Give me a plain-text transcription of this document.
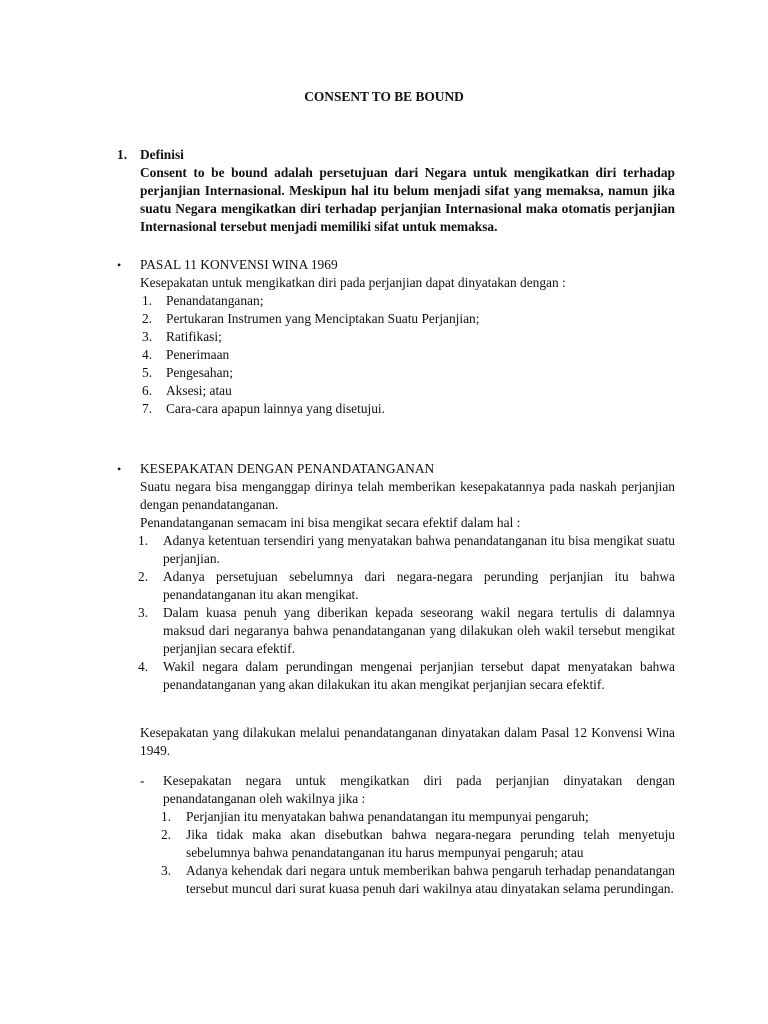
CONSENT TO BE BOUND
1. Definisi
Consent to be bound adalah persetujuan dari Negara untuk mengikatkan diri terhadap perjanjian Internasional. Meskipun hal itu belum menjadi sifat yang memaksa, namun jika suatu Negara mengikatkan diri terhadap perjanjian Internasional maka otomatis perjanjian Internasional tersebut menjadi memiliki sifat untuk memaksa.
• PASAL 11 KONVENSI WINA 1969
Kesepakatan untuk mengikatkan diri pada perjanjian dapat dinyatakan dengan :
1. Penandatanganan;
2. Pertukaran Instrumen yang Menciptakan Suatu Perjanjian;
3. Ratifikasi;
4. Penerimaan
5. Pengesahan;
6. Aksesi; atau
7. Cara-cara apapun lainnya yang disetujui.
• KESEPAKATAN DENGAN PENANDATANGANAN
Suatu negara bisa menganggap dirinya telah memberikan kesepakatannya pada naskah perjanjian dengan penandatanganan.
Penandatanganan semacam ini bisa mengikat secara efektif dalam hal :
1. Adanya ketentuan tersendiri yang menyatakan bahwa penandatanganan itu bisa mengikat suatu perjanjian.
2. Adanya persetujuan sebelumnya dari negara-negara perunding perjanjian itu bahwa penandatanganan itu akan mengikat.
3. Dalam kuasa penuh yang diberikan kepada seseorang wakil negara tertulis di dalamnya maksud dari negaranya bahwa penandatanganan yang dilakukan oleh wakil tersebut mengikat perjanjian secara efektif.
4. Wakil negara dalam perundingan mengenai perjanjian tersebut dapat menyatakan bahwa penandatanganan yang akan dilakukan itu akan mengikat perjanjian secara efektif.
Kesepakatan yang dilakukan melalui penandatanganan dinyatakan dalam Pasal 12 Konvensi Wina 1949.
- Kesepakatan negara untuk mengikatkan diri pada perjanjian dinyatakan dengan penandatanganan oleh wakilnya jika :
1. Perjanjian itu menyatakan bahwa penandatangan itu mempunyai pengaruh;
2. Jika tidak maka akan disebutkan bahwa negara-negara perunding telah menyetuju sebelumnya bahwa penandatanganan itu harus mempunyai pengaruh; atau
3. Adanya kehendak dari negara untuk memberikan bahwa pengaruh terhadap penandatangan tersebut muncul dari surat kuasa penuh dari wakilnya atau dinyatakan selama perundingan.
